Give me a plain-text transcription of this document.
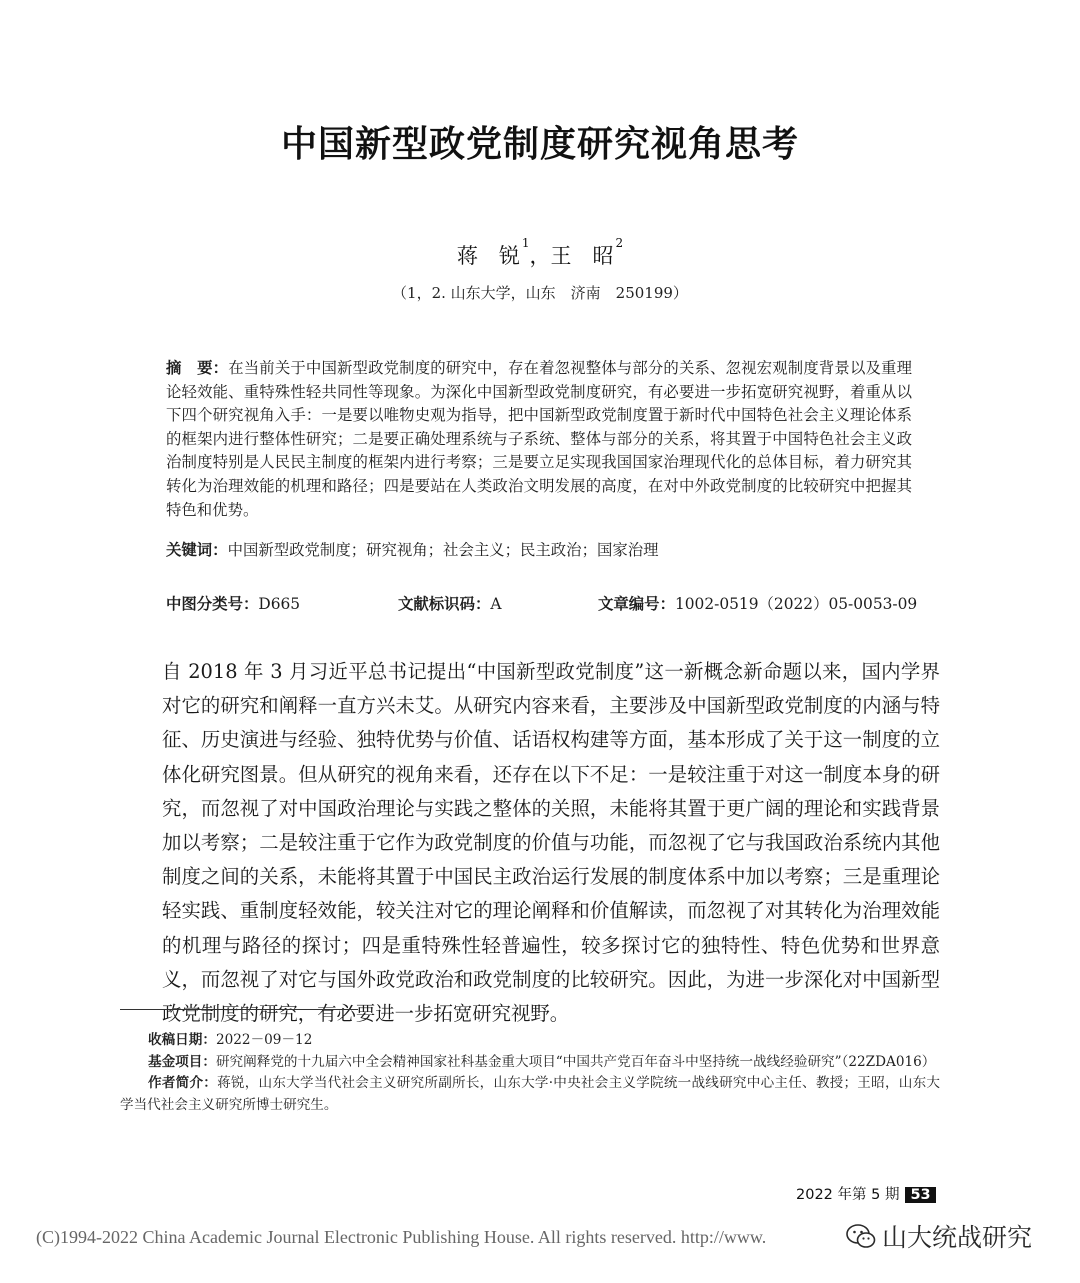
中国新型政党制度研究视角思考
蒋　锐$^1$，王　昭$^2$
（1，2. 山东大学，山东　济南　250199）
摘　要：在当前关于中国新型政党制度的研究中，存在着忽视整体与部分的关系、忽视宏观制度背景以及重理论轻效能、重特殊性轻共同性等现象。为深化中国新型政党制度研究，有必要进一步拓宽研究视野，着重从以下四个研究视角入手：一是要以唯物史观为指导，把中国新型政党制度置于新时代中国特色社会主义理论体系的框架内进行整体性研究；二是要正确处理系统与子系统、整体与部分的关系，将其置于中国特色社会主义政治制度特别是人民民主制度的框架内进行考察；三是要立足实现我国国家治理现代化的总体目标，着力研究其转化为治理效能的机理和路径；四是要站在人类政治文明发展的高度，在对中外政党制度的比较研究中把握其特色和优势。
关键词：中国新型政党制度；研究视角；社会主义；民主政治；国家治理
中图分类号：D665	文献标识码：A	文章编号：1002-0519（2022）05-0053-09

自 2018 年 3 月习近平总书记提出“中国新型政党制度”这一新概念新命题以来，国内学界对它的研究和阐释一直方兴未艾。从研究内容来看，主要涉及中国新型政党制度的内涵与特征、历史演进与经验、独特优势与价值、话语权构建等方面，基本形成了关于这一制度的立体化研究图景。但从研究的视角来看，还存在以下不足：一是较注重于对这一制度本身的研究，而忽视了对中国政治理论与实践之整体的关照，未能将其置于更广阔的理论和实践背景加以考察；二是较注重于它作为政党制度的价值与功能，而忽视了它与我国政治系统内其他制度之间的关系，未能将其置于中国民主政治运行发展的制度体系中加以考察；三是重理论轻实践、重制度轻效能，较关注对它的理论阐释和价值解读，而忽视了对其转化为治理效能的机理与路径的探讨；四是重特殊性轻普遍性，较多探讨它的独特性、特色优势和世界意义，而忽视了对它与国外政党政治和政党制度的比较研究。因此，为进一步深化对中国新型政党制度的研究，有必要进一步拓宽研究视野。

收稿日期：2022－09－12

基金项目：研究阐释党的十九届六中全会精神国家社科基金重大项目“中国共产党百年奋斗中坚持统一战线经验研究”（22ZDA016）

作者简介：蒋锐，山东大学当代社会主义研究所副所长，山东大学·中央社会主义学院统一战线研究中心主任、教授；王昭，山东大学当代社会主义研究所博士研究生。

2022 年第 5 期 53
(C)1994-2022 China Academic Journal Electronic Publishing House. All rights reserved. http://www.	山大统战研究
